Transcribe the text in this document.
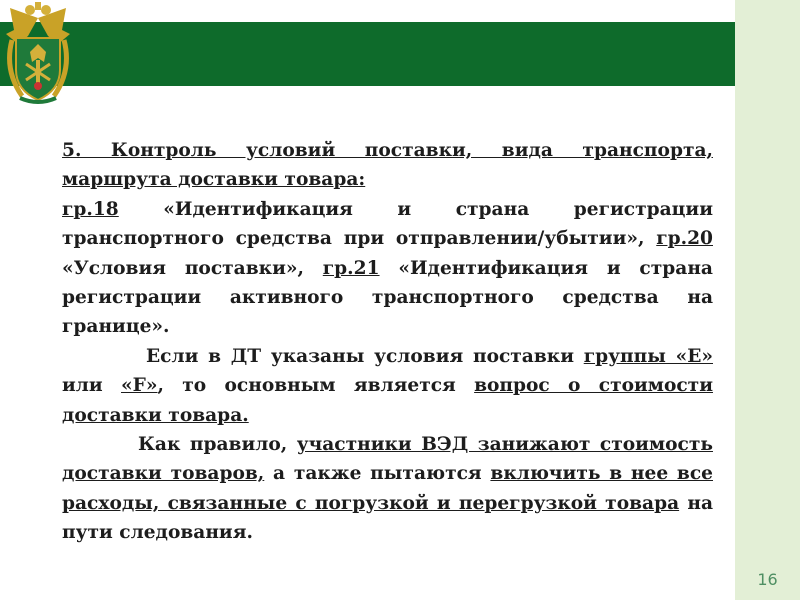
5. Контроль условий поставки, вида транспорта, маршрута доставки товара:

гр.18 «Идентификация и страна регистрации транспортного средства при отправлении/убытии», гр.20 «Условия поставки», гр.21 «Идентификация и страна регистрации активного транспортного средства на границе».

Если в ДТ указаны условия поставки группы «Е» или «F», то основным является вопрос о стоимости доставки товара.

Как правило, участники ВЭД занижают стоимость доставки товаров, а также пытаются включить в нее все расходы, связанные с погрузкой и перегрузкой товара на пути следования.

16
